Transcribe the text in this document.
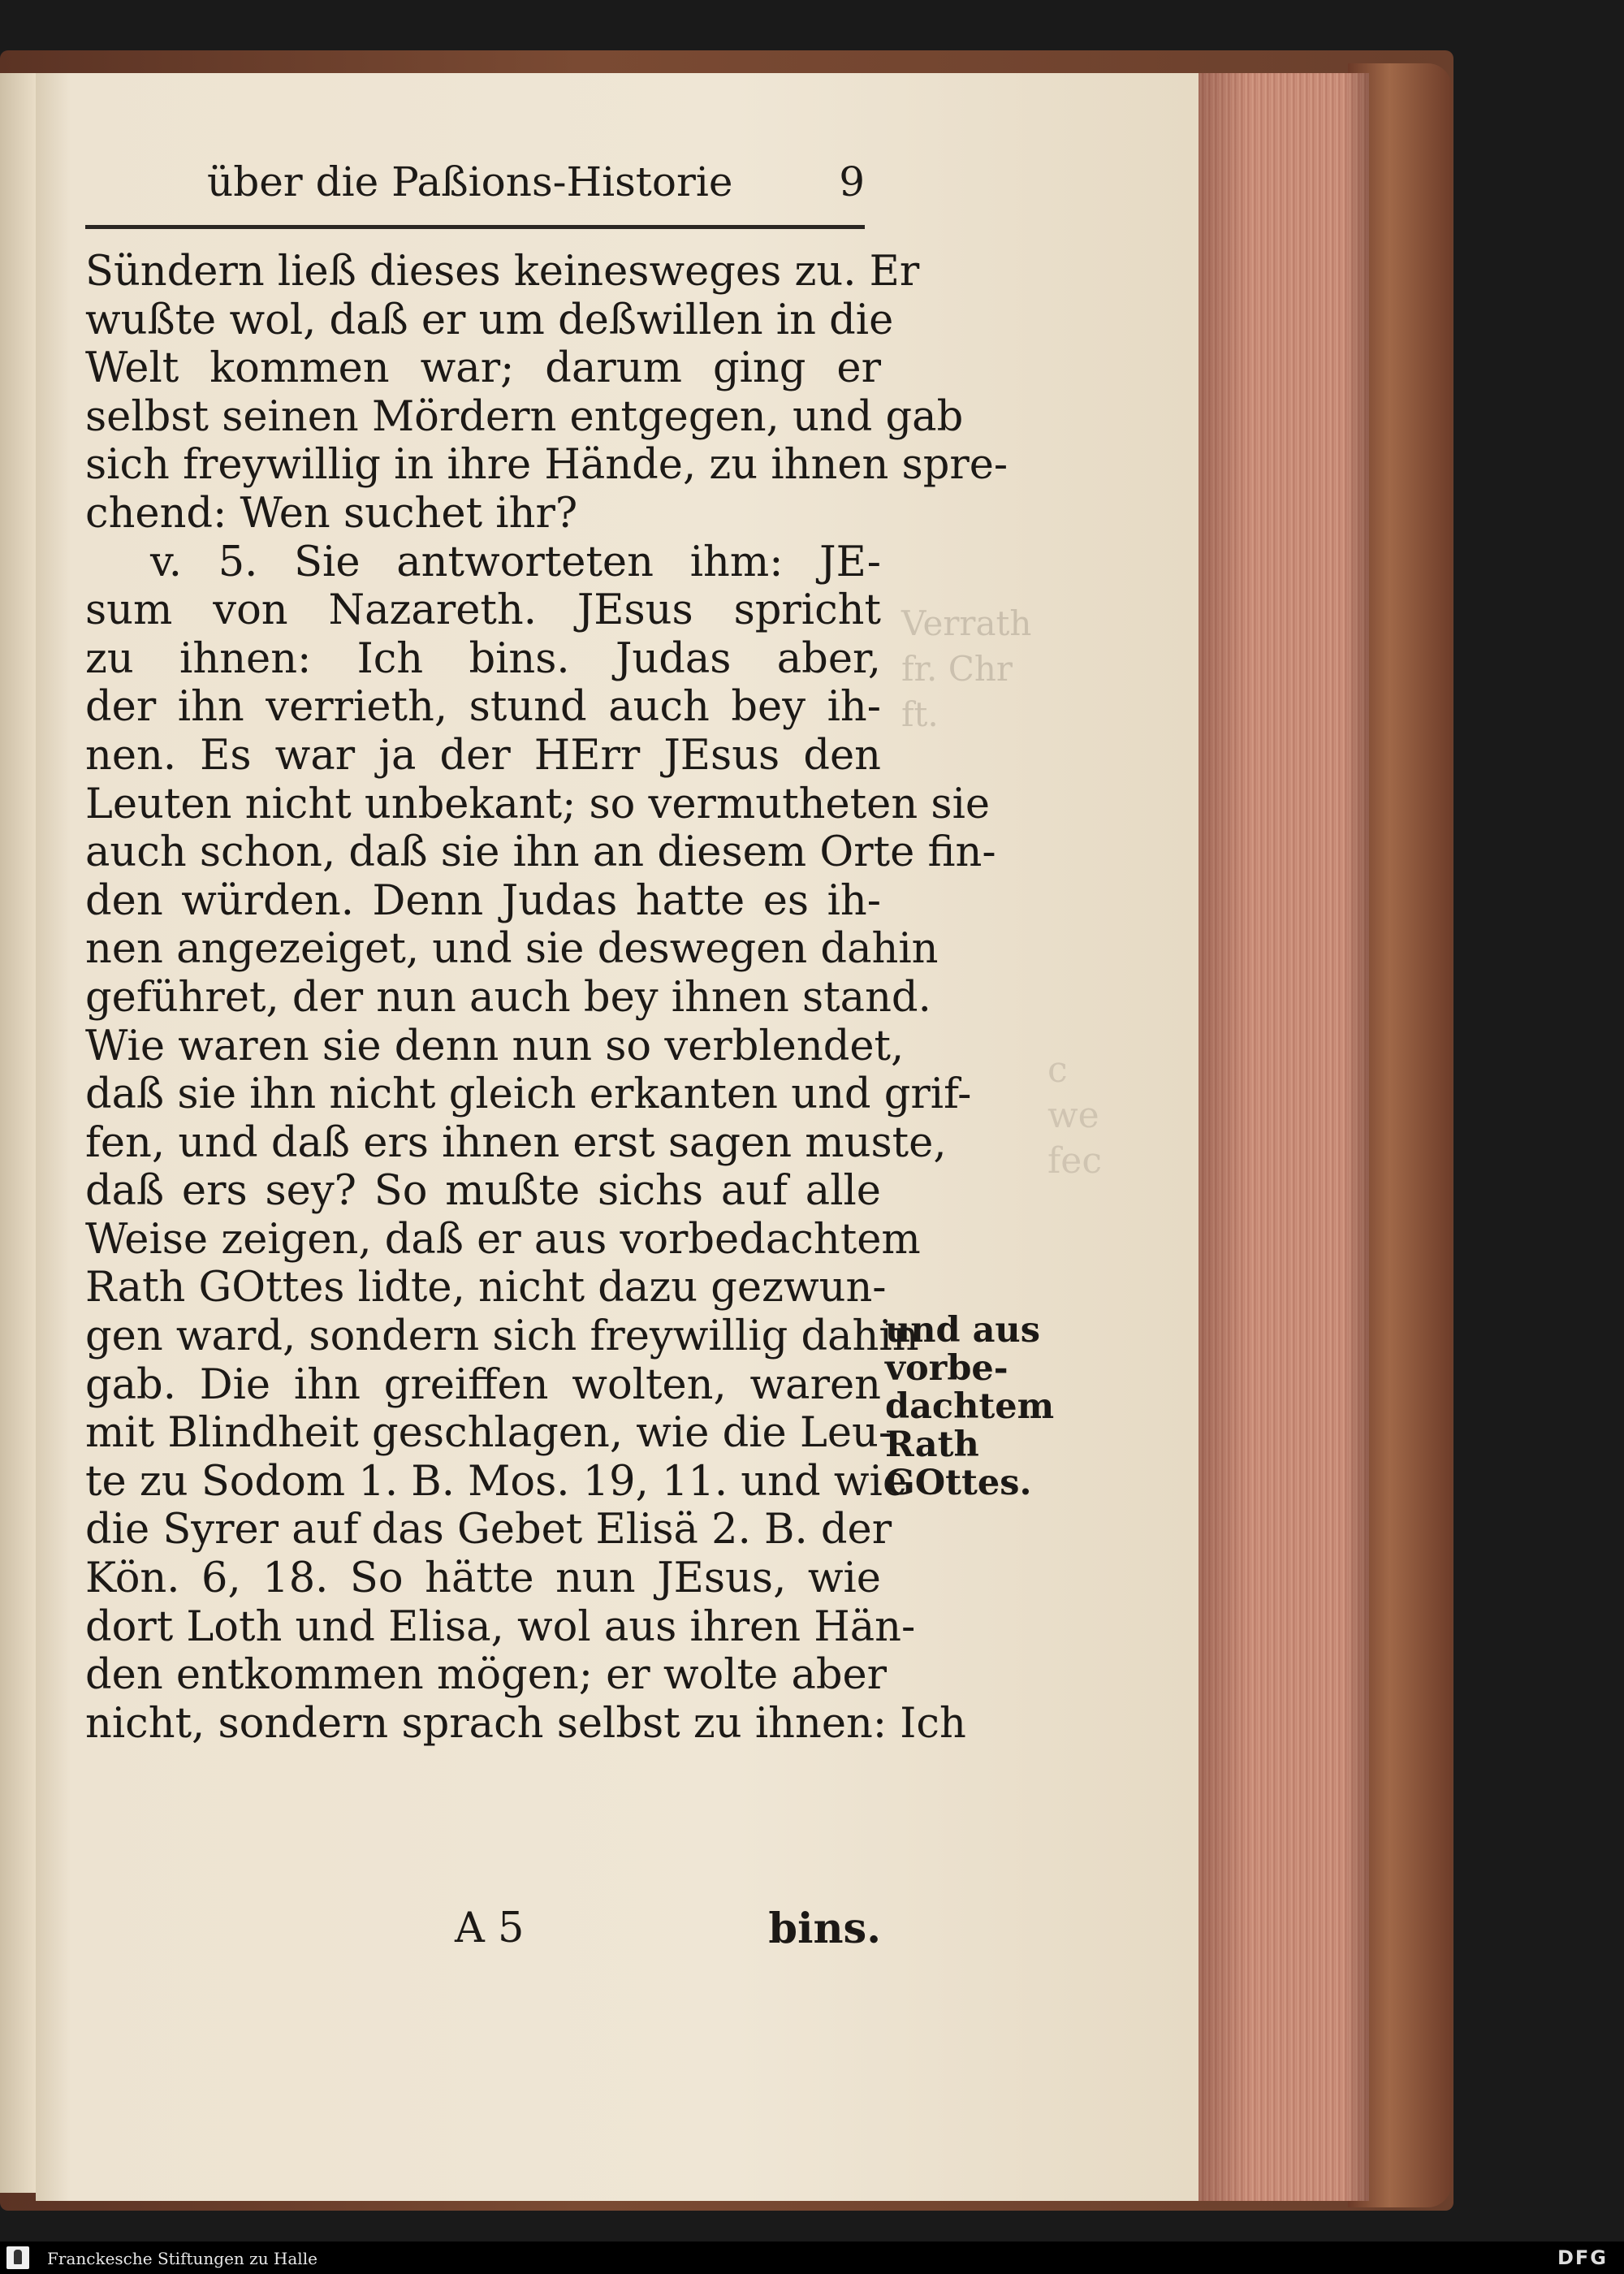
über die Paßions-Historie	9
Verrath
fr. Chr
ft.
c
we
fec
Sündern ließ dieses keinesweges zu. Er
wußte wol, daß er um deßwillen in die
Welt kommen war; darum ging er
selbst seinen Mördern entgegen, und gab
sich freywillig in ihre Hände, zu ihnen spre-
chend: Wen suchet ihr?
v. 5. Sie antworteten ihm: JE-
sum von Nazareth. JEsus spricht
zu ihnen: Ich bins. Judas aber,
der ihn verrieth, stund auch bey ih-
nen. Es war ja der HErr JEsus den
Leuten nicht unbekant; so vermutheten sie
auch schon, daß sie ihn an diesem Orte fin-
den würden. Denn Judas hatte es ih-
nen angezeiget, und sie deswegen dahin
geführet, der nun auch bey ihnen stand.
Wie waren sie denn nun so verblendet,
daß sie ihn nicht gleich erkanten und grif-
fen, und daß ers ihnen erst sagen muste,
daß ers sey? So mußte sichs auf alle
Weise zeigen, daß er aus vorbedachtem
Rath GOttes lidte, nicht dazu gezwun-
gen ward, sondern sich freywillig dahin
gab. Die ihn greiffen wolten, waren
mit Blindheit geschlagen, wie die Leu-
te zu Sodom 1. B. Mos. 19, 11. und wie
die Syrer auf das Gebet Elisä 2. B. der
Kön. 6, 18. So hätte nun JEsus, wie
dort Loth und Elisa, wol aus ihren Hän-
den entkommen mögen; er wolte aber
nicht, sondern sprach selbst zu ihnen: Ich
A 5	bins.
und aus
vorbe-
dachtem
Rath
GOttes.
Franckesche Stiftungen zu Halle	DFG
